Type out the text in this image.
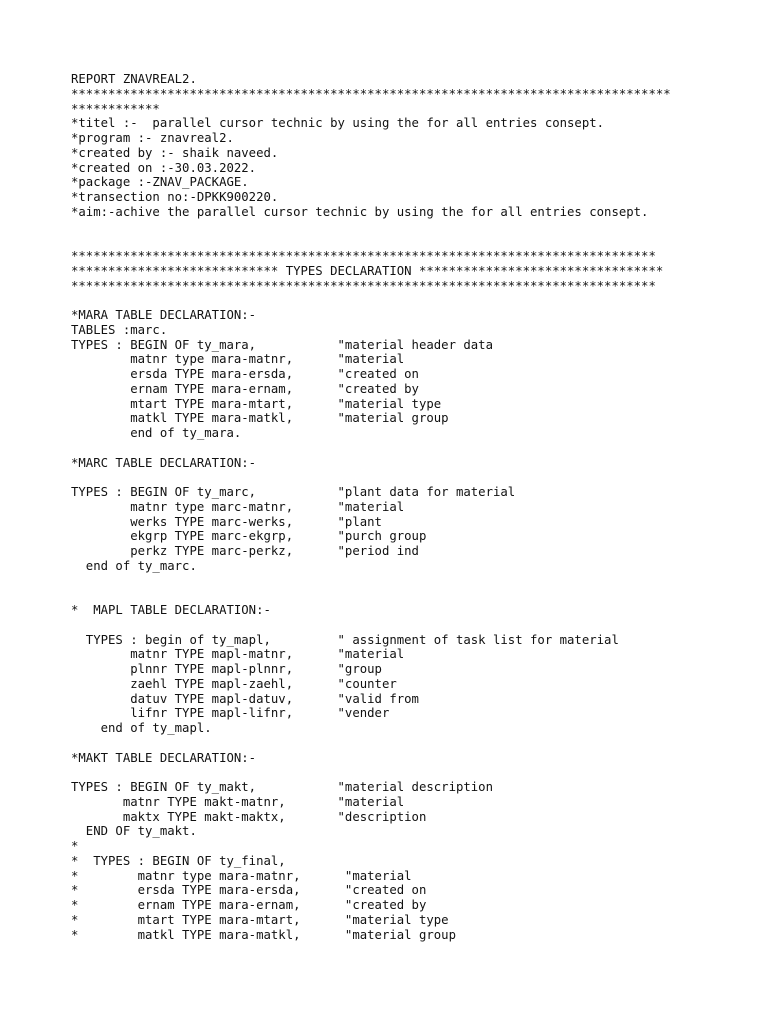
REPORT ZNAVREAL2.
*********************************************************************************
************
*titel :-  parallel cursor technic by using the for all entries consept.
*program :- znavreal2.
*created by :- shaik naveed.
*created on :-30.03.2022.
*package :-ZNAV_PACKAGE.
*transection no:-DPKK900220.
*aim:-achive the parallel cursor technic by using the for all entries consept.
*******************************************************************************
**************************** TYPES DECLARATION *********************************
*******************************************************************************
*MARA TABLE DECLARATION:-
TABLES :marc.
TYPES : BEGIN OF ty_mara,           "material header data
matnr type mara-matnr,      "material
ersda TYPE mara-ersda,      "created on
ernam TYPE mara-ernam,      "created by
mtart TYPE mara-mtart,      "material type
matkl TYPE mara-matkl,      "material group
end of ty_mara.
*MARC TABLE DECLARATION:-
TYPES : BEGIN OF ty_marc,           "plant data for material
matnr type marc-matnr,      "material
werks TYPE marc-werks,      "plant
ekgrp TYPE marc-ekgrp,      "purch group
perkz TYPE marc-perkz,      "period ind
end of ty_marc.
*  MAPL TABLE DECLARATION:-
TYPES : begin of ty_mapl,         " assignment of task list for material
matnr TYPE mapl-matnr,      "material
plnnr TYPE mapl-plnnr,      "group
zaehl TYPE mapl-zaehl,      "counter
datuv TYPE mapl-datuv,      "valid from
lifnr TYPE mapl-lifnr,      "vender
end of ty_mapl.
*MAKT TABLE DECLARATION:-
TYPES : BEGIN OF ty_makt,           "material description
matnr TYPE makt-matnr,       "material
maktx TYPE makt-maktx,       "description
END OF ty_makt.
*
*  TYPES : BEGIN OF ty_final,
*        matnr type mara-matnr,      "material
*        ersda TYPE mara-ersda,      "created on
*        ernam TYPE mara-ernam,      "created by
*        mtart TYPE mara-mtart,      "material type
*        matkl TYPE mara-matkl,      "material group
